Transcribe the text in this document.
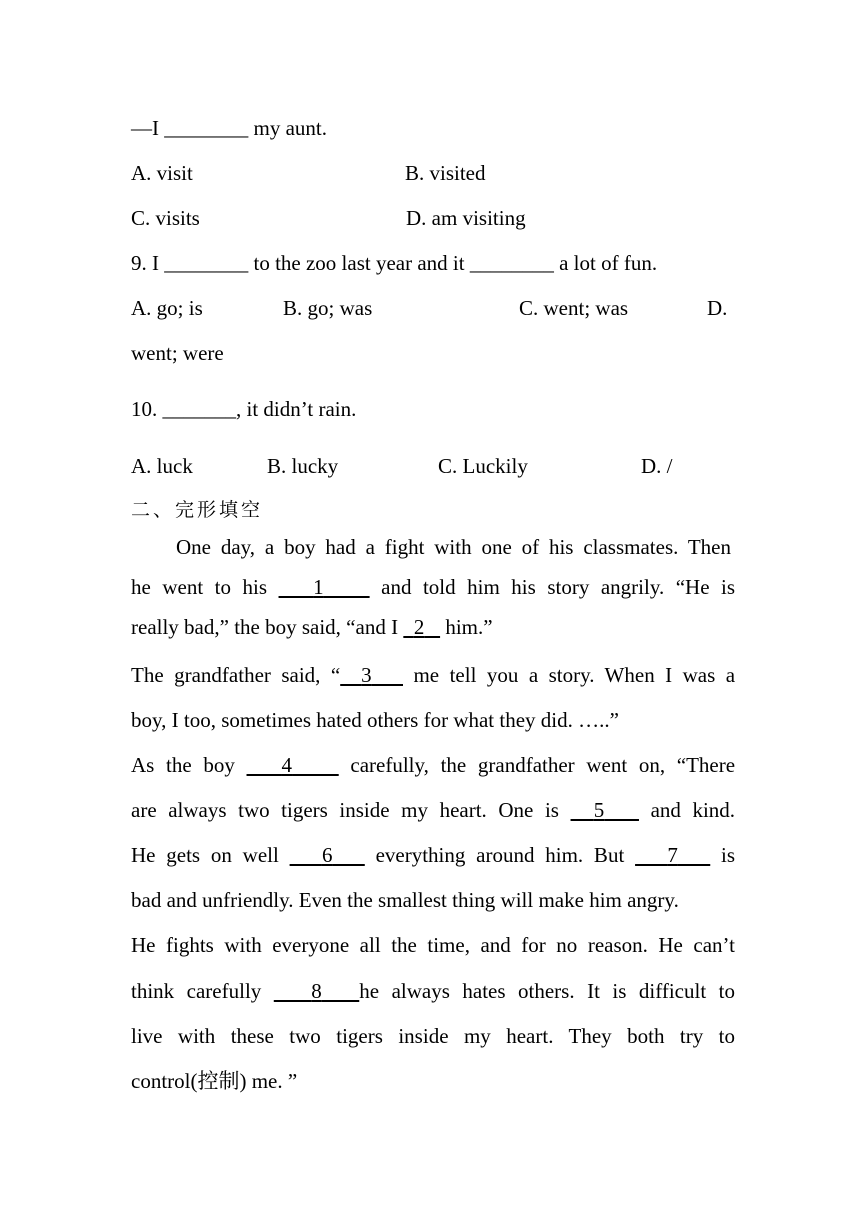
—I ________ my aunt.
A. visit	B. visited
C. visits	D. am visiting
9. I ________ to the zoo last year and it ________ a lot of fun.
A. go; is	B. go; was	C. went; was	D.
went; were
10. _______, it didn’t rain.
A. luck	B. lucky	C. Luckily	D. /
二、完形填空
One day, a boy had a fight with one of his classmates. Then
he went to his 1	and told him his story angrily. “He is
really bad,” the boy said, “and I 2 him.”
The grandfather said, “ 3 me tell you a story. When I was a
boy, I too, sometimes hated others for what they did. …..”
As the boy 4	carefully, the grandfather went on, “There
are always two tigers inside my heart. One is 5 and kind.
He gets on well 6 everything around him. But 7 is
bad and unfriendly. Even the smallest thing will make him angry.
He fights with everyone all the time, and for no reason. He can’t
think carefully 8 he always hates others. It is difficult to
live with these two tigers inside my heart. They both try to
control(控制) me. ”
